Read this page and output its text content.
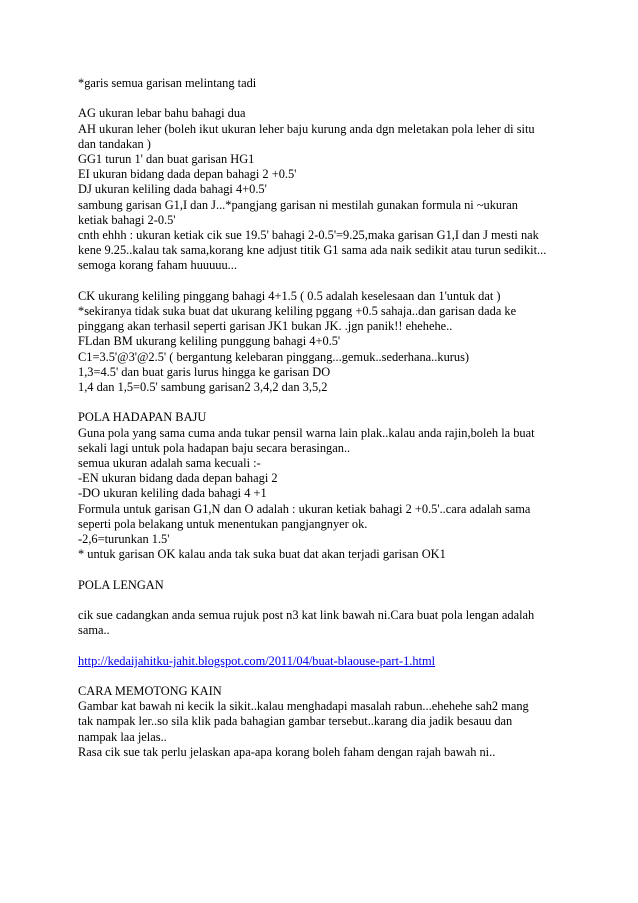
*garis semua garisan melintang tadi
AG ukuran lebar bahu bahagi dua
AH ukuran leher (boleh ikut ukuran leher baju kurung anda dgn meletakan pola leher di situ
dan tandakan )
GG1 turun 1' dan buat garisan HG1
EI ukuran bidang dada depan bahagi 2 +0.5'
DJ ukuran keliling dada bahagi 4+0.5'
sambung garisan G1,I dan J...*pangjang garisan ni mestilah gunakan formula ni ~ukuran
ketiak bahagi 2-0.5'
cnth ehhh : ukuran ketiak cik sue 19.5' bahagi 2-0.5'=9.25,maka garisan G1,I dan J mesti nak
kene 9.25..kalau tak sama,korang kne adjust titik G1 sama ada naik sedikit atau turun sedikit...
semoga korang faham huuuuu...
CK ukurang keliling pinggang bahagi 4+1.5 ( 0.5 adalah keselesaan dan 1'untuk dat )
*sekiranya tidak suka buat dat ukurang keliling pggang +0.5 sahaja..dan garisan dada ke
pinggang akan terhasil seperti garisan JK1 bukan JK. .jgn panik!! ehehehe..
FLdan BM ukurang keliling punggung bahagi 4+0.5'
C1=3.5'@3'@2.5' ( bergantung kelebaran pinggang...gemuk..sederhana..kurus)
1,3=4.5' dan buat garis lurus hingga ke garisan DO
1,4 dan 1,5=0.5' sambung garisan2 3,4,2 dan 3,5,2
POLA HADAPAN BAJU
Guna pola yang sama cuma anda tukar pensil warna lain plak..kalau anda rajin,boleh la buat
sekali lagi untuk pola hadapan baju secara berasingan..
semua ukuran adalah sama kecuali :-
-EN ukuran bidang dada depan bahagi 2
-DO ukuran keliling dada bahagi 4 +1
Formula untuk garisan G1,N dan O adalah : ukuran ketiak bahagi 2 +0.5'..cara adalah sama
seperti pola belakang untuk menentukan pangjangnyer ok.
-2,6=turunkan 1.5'
* untuk garisan OK kalau anda tak suka buat dat akan terjadi garisan OK1
POLA LENGAN
cik sue cadangkan anda semua rujuk post n3 kat link bawah ni.Cara buat pola lengan adalah
sama..
http://kedaijahitku-jahit.blogspot.com/2011/04/buat-blaouse-part-1.html
CARA MEMOTONG KAIN
Gambar kat bawah ni kecik la sikit..kalau menghadapi masalah rabun...ehehehe sah2 mang
tak nampak ler..so sila klik pada bahagian gambar tersebut..karang dia jadik besauu dan
nampak laa jelas..
Rasa cik sue tak perlu jelaskan apa-apa korang boleh faham dengan rajah bawah ni..
